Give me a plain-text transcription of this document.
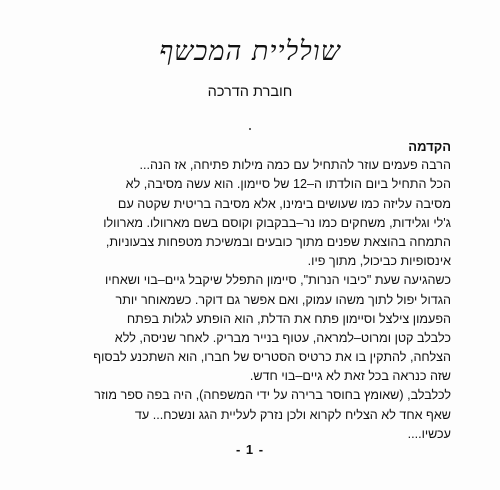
שולליית המכשף
חוברת הדרכה
הקדמה
הרבה פעמים עוזר להתחיל עם כמה מילות פתיחה, אז הנה...
הכל התחיל ביום הולדתו ה–12 של סיימון. הוא עשה מסיבה, לא
מסיבה עליזה כמו שעושים בימינו, אלא מסיבה בריטית שקטה עם
ג'לי וגלידות, משחקים כמו נר–בבקבוק וקוסם בשם מארוולו. מארוולו
התמחה בהוצאת שפנים מתוך כובעים ובמשיכת מטפחות צבעוניות,
אינסופיות כביכול, מתוך פיו.
כשהגיעה שעת "כיבוי הנרות", סיימון התפלל שיקבל גיים–בוי ושאחיו
הגדול יפול לתוך משהו עמוק, ואם אפשר גם דוקר. כשמאוחר יותר
הפעמון צילצל וסיימון פתח את הדלת, הוא הופתע לגלות בפתח
כלבלב קטן ומרוט–למראה, עטוף בנייר מבריק. לאחר שניסה, ללא
הצלחה, להתקין בו את כרטיס הסטריס של חברו, הוא השתכנע לבסוף
שזה כנראה בכל זאת לא גיים–בוי חדש.
לכלבלב, (שאומץ בחוסר ברירה על ידי המשפחה), היה בפה ספר מוזר
שאף אחד לא הצליח לקרוא ולכן נזרק לעליית הגג ונשכח... עד
עכשיו....
- 1 -
